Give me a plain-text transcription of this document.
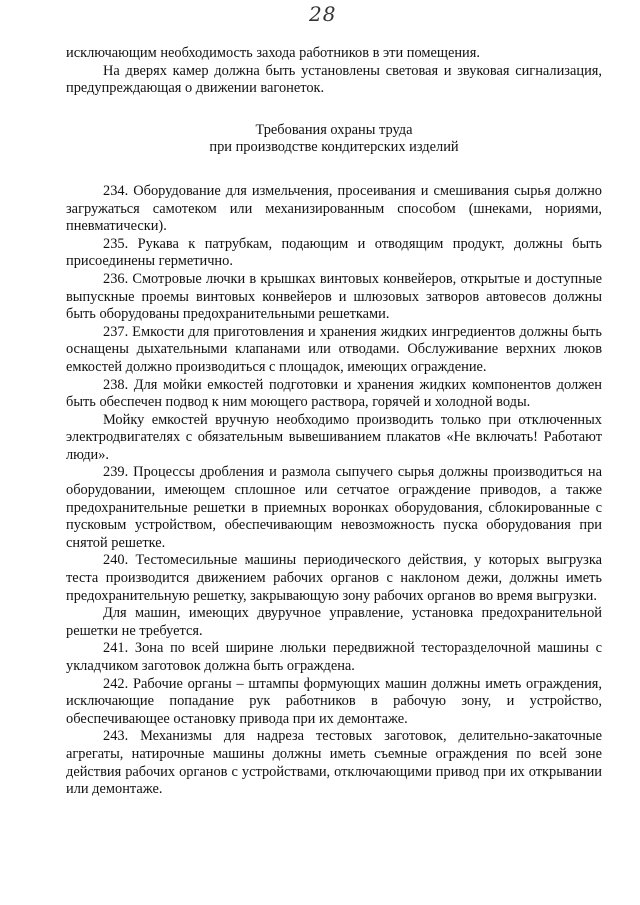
28

исключающим необходимость захода работников в эти помещения.

На дверях камер должна быть установлены световая и звуковая сигнализация, предупреждающая о движении вагонеток.

Требования охраны труда
при производстве кондитерских изделий

234. Оборудование для измельчения, просеивания и смешивания сырья должно загружаться самотеком или механизированным способом (шнеками, нориями, пневматически).

235. Рукава к патрубкам, подающим и отводящим продукт, должны быть присоединены герметично.

236. Смотровые лючки в крышках винтовых конвейеров, открытые и доступные выпускные проемы винтовых конвейеров и шлюзовых затворов автовесов должны быть оборудованы предохранительными решетками.

237. Емкости для приготовления и хранения жидких ингредиентов должны быть оснащены дыхательными клапанами или отводами. Обслуживание верхних люков емкостей должно производиться с площадок, имеющих ограждение.

238. Для мойки емкостей подготовки и хранения жидких компонентов должен быть обеспечен подвод к ним моющего раствора, горячей и холодной воды.

Мойку емкостей вручную необходимо производить только при отключенных электродвигателях с обязательным вывешиванием плакатов «Не включать! Работают люди».

239. Процессы дробления и размола сыпучего сырья должны производиться на оборудовании, имеющем сплошное или сетчатое ограждение приводов, а также предохранительные решетки в приемных воронках оборудования, сблокированные с пусковым устройством, обеспечивающим невозможность пуска оборудования при снятой решетке.

240. Тестомесильные машины периодического действия, у которых выгрузка теста производится движением рабочих органов с наклоном дежи, должны иметь предохранительную решетку, закрывающую зону рабочих органов во время выгрузки.

Для машин, имеющих двуручное управление, установка предохранительной решетки не требуется.

241. Зона по всей ширине люльки передвижной тесторазделочной машины с укладчиком заготовок должна быть ограждена.

242. Рабочие органы – штампы формующих машин должны иметь ограждения, исключающие попадание рук работников в рабочую зону, и устройство, обеспечивающее остановку привода при их демонтаже.

243. Механизмы для надреза тестовых заготовок, делительно-закаточные агрегаты, натирочные машины должны иметь съемные ограждения по всей зоне действия рабочих органов с устройствами, отключающими привод при их открывании или демонтаже.
